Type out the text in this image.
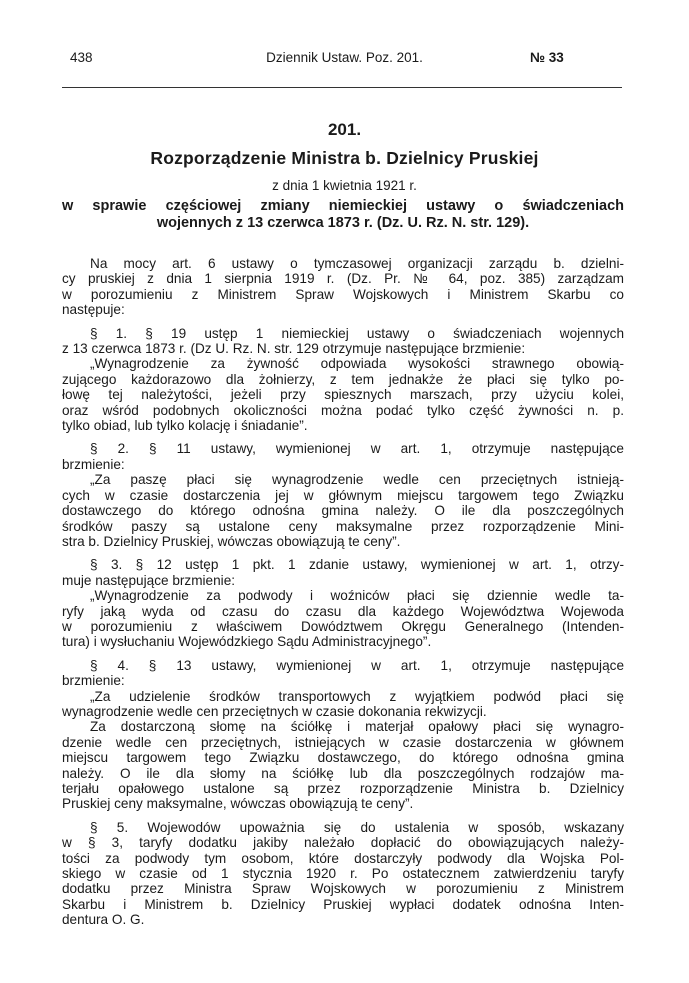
438	Dziennik Ustaw. Poz. 201.	№ 33
201.
Rozporządzenie Ministra b. Dzielnicy Pruskiej
z dnia 1 kwietnia 1921 r.
w sprawie częściowej zmiany niemieckiej ustawy o świadczeniach
wojennych z 13 czerwca 1873 r. (Dz. U. Rz. N. str. 129).
Na mocy art. 6 ustawy o tymczasowej organizacji zarządu b. dzielni-
cy pruskiej z dnia 1 sierpnia 1919 r. (Dz. Pr. № 64, poz. 385) zarządzam
w porozumieniu z Ministrem Spraw Wojskowych i Ministrem Skarbu co
następuje:
§ 1. § 19 ustęp 1 niemieckiej ustawy o świadczeniach wojennych
z 13 czerwca 1873 r. (Dz U. Rz. N. str. 129 otrzymuje następujące brzmienie:
„Wynagrodzenie za żywność odpowiada wysokości strawnego obowią-
zującego każdorazowo dla żołnierzy, z tem jednakże że płaci się tylko po-
łowę tej należytości, jeżeli przy spiesznych marszach, przy użyciu kolei,
oraz wśród podobnych okoliczności można podać tylko część żywności n. p.
tylko obiad, lub tylko kolację i śniadanie”.
§ 2. § 11 ustawy, wymienionej w art. 1, otrzymuje następujące
brzmienie:
„Za paszę płaci się wynagrodzenie wedle cen przeciętnych istnieją-
cych w czasie dostarczenia jej w głównym miejscu targowem tego Związku
dostawczego do którego odnośna gmina należy. O ile dla poszczególnych
środków paszy są ustalone ceny maksymalne przez rozporządzenie Mini-
stra b. Dzielnicy Pruskiej, wówczas obowiązują te ceny”.
§ 3. § 12 ustęp 1 pkt. 1 zdanie ustawy, wymienionej w art. 1, otrzy-
muje następujące brzmienie:
„Wynagrodzenie za podwody i woźniców płaci się dziennie wedle ta-
ryfy jaką wyda od czasu do czasu dla każdego Województwa Wojewoda
w porozumieniu z właściwem Dowództwem Okręgu Generalnego (Intenden-
tura) i wysłuchaniu Wojewódzkiego Sądu Administracyjnego”.
§ 4. § 13 ustawy, wymienionej w art. 1, otrzymuje następujące
brzmienie:
„Za udzielenie środków transportowych z wyjątkiem podwód płaci się
wynagrodzenie wedle cen przeciętnych w czasie dokonania rekwizycji.
Za dostarczoną słomę na ściółkę i materjał opałowy płaci się wynagro-
dzenie wedle cen przeciętnych, istniejących w czasie dostarczenia w głównem
miejscu targowem tego Związku dostawczego, do którego odnośna gmina
należy. O ile dla słomy na ściółkę lub dla poszczególnych rodzajów ma-
terjału opałowego ustalone są przez rozporządzenie Ministra b. Dzielnicy
Pruskiej ceny maksymalne, wówczas obowiązują te ceny”.
§ 5. Wojewodów upoważnia się do ustalenia w sposób, wskazany
w § 3, taryfy dodatku jakiby należało dopłacić do obowiązujących należy-
tości za podwody tym osobom, które dostarczyły podwody dla Wojska Pol-
skiego w czasie od 1 stycznia 1920 r. Po ostatecznem zatwierdzeniu taryfy
dodatku przez Ministra Spraw Wojskowych w porozumieniu z Ministrem
Skarbu i Ministrem b. Dzielnicy Pruskiej wypłaci dodatek odnośna Inten-
dentura O. G.
